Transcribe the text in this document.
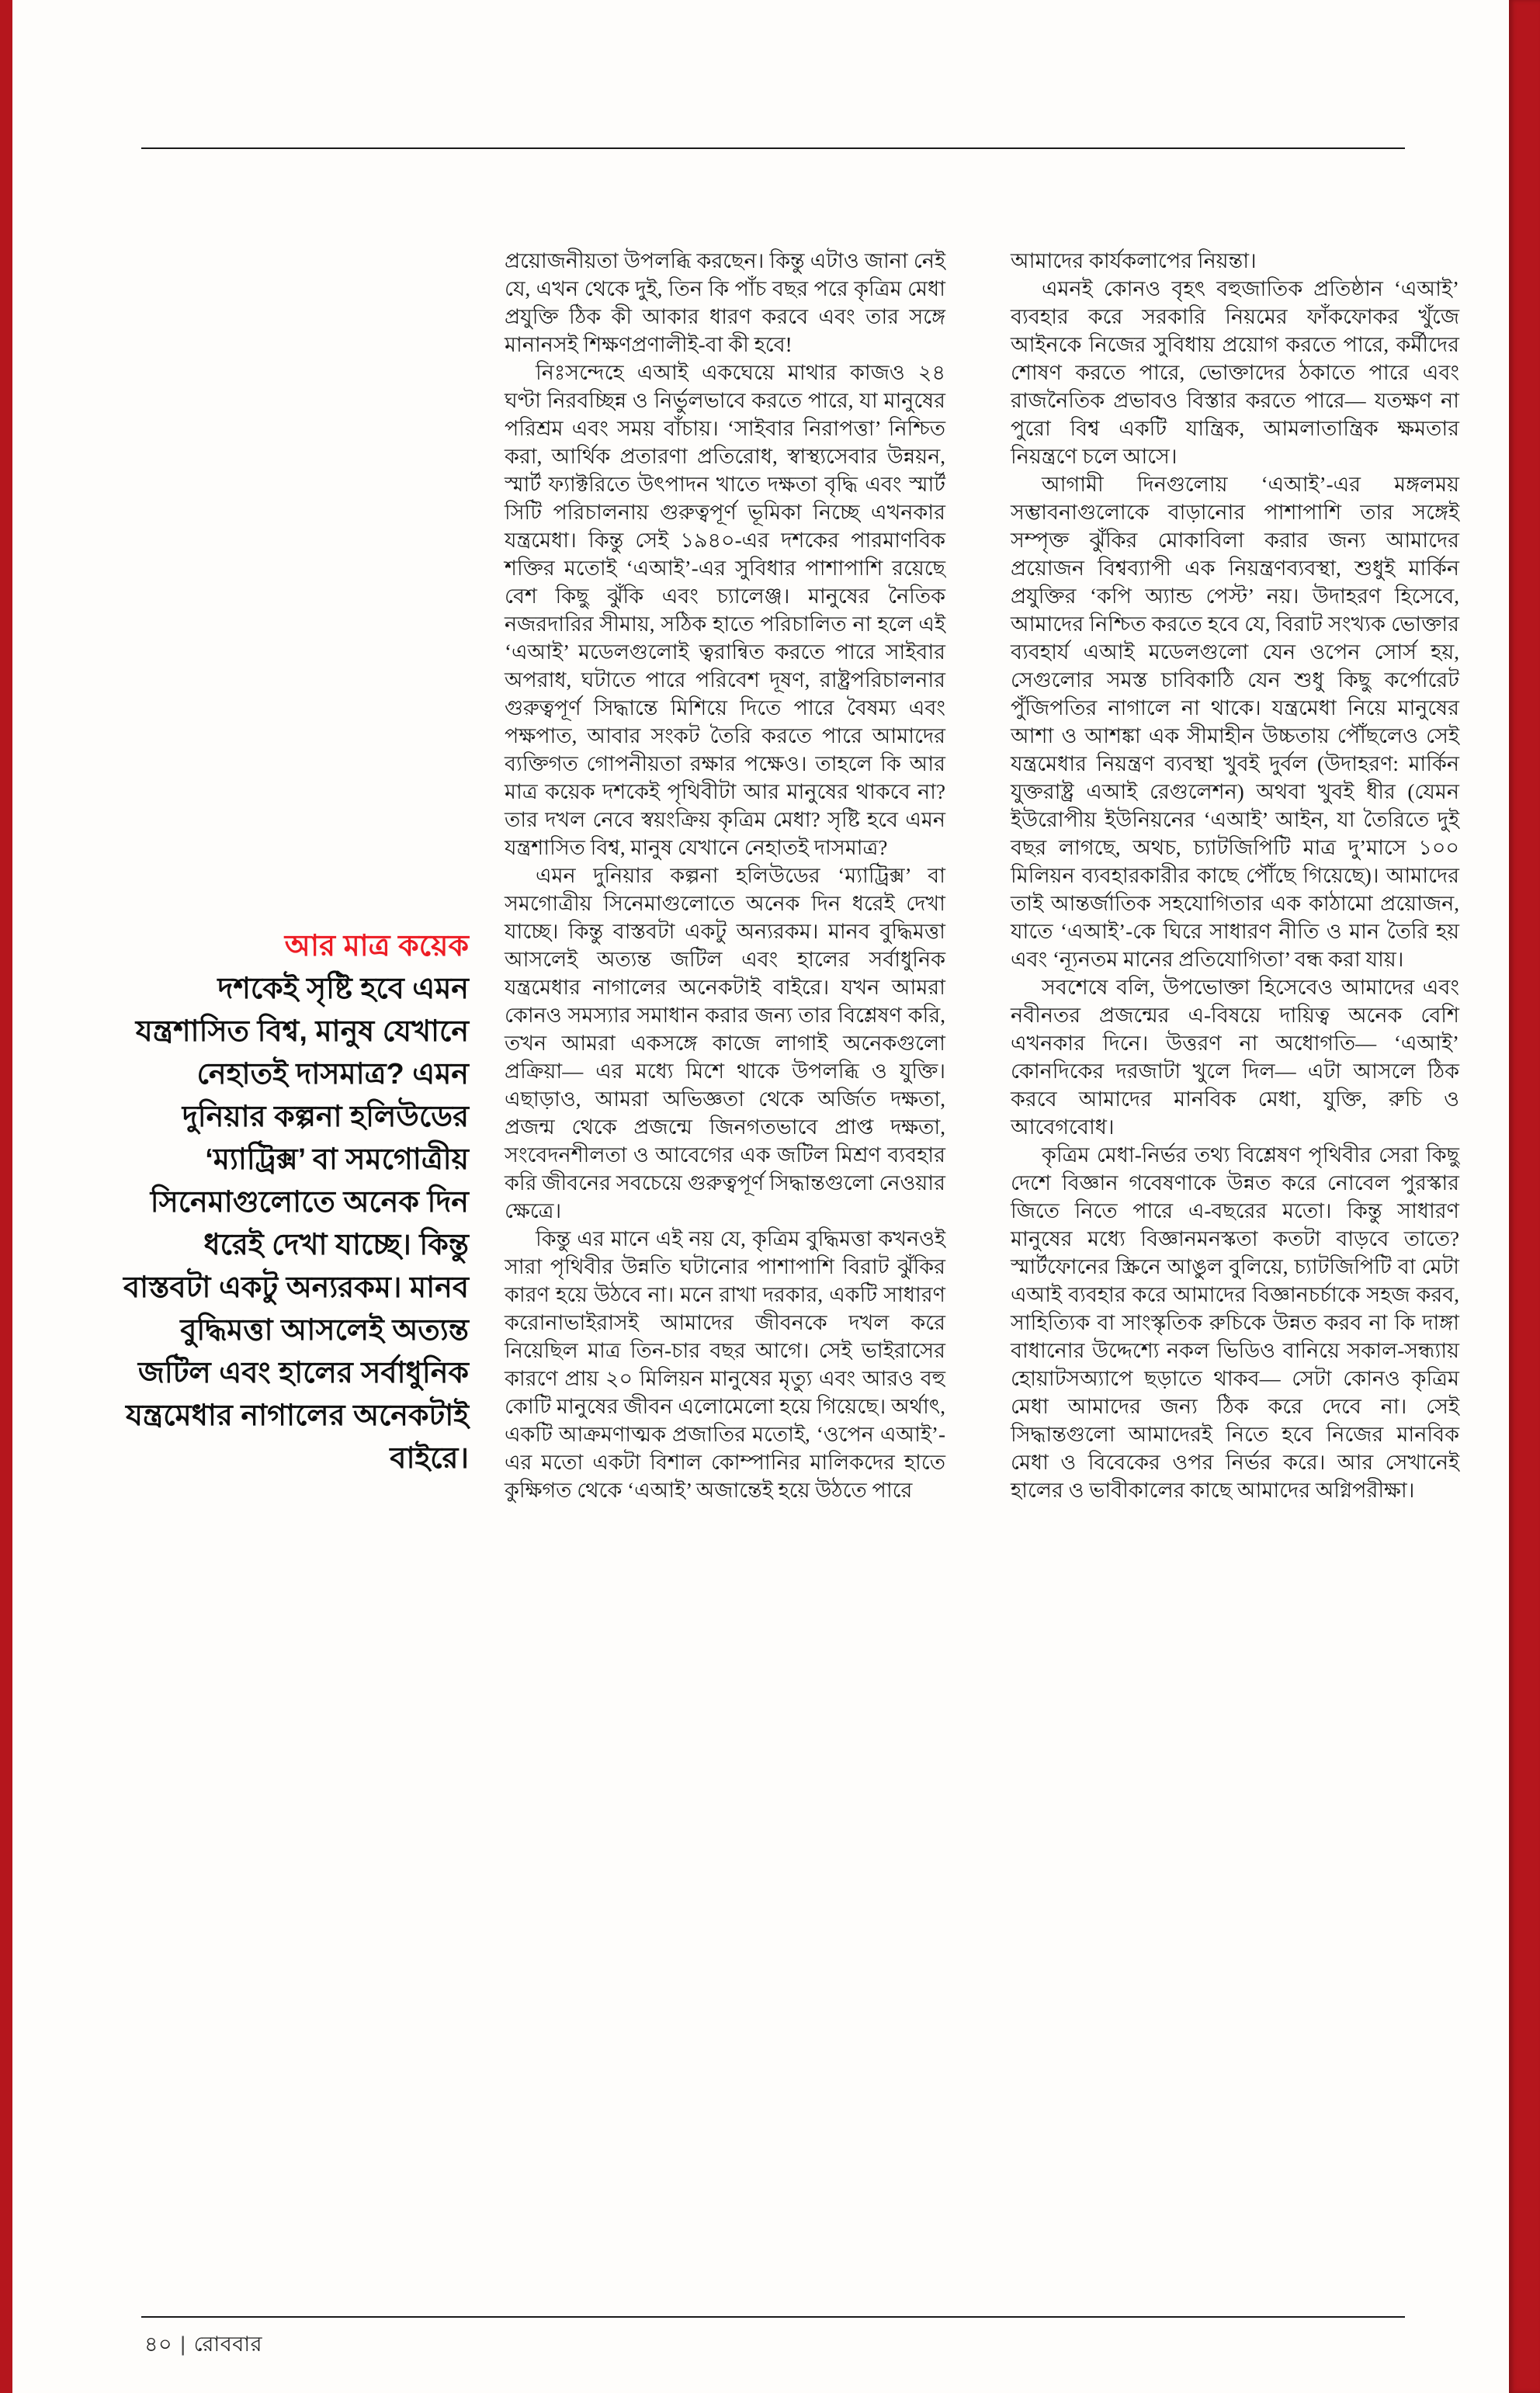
আর মাত্র কয়েক
দশকেই সৃষ্টি হবে এমন যন্ত্রশাসিত বিশ্ব, মানুষ যেখানে নেহাতই দাসমাত্র? এমন দুনিয়ার কল্পনা হলিউডের ‘ম্যাট্রিক্স’ বা সমগোত্রীয় সিনেমাগুলোতে অনেক দিন ধরেই দেখা যাচ্ছে। কিন্তু বাস্তবটা একটু অন্যরকম। মানব বুদ্ধিমত্তা আসলেই অত্যন্ত জটিল এবং হালের সর্বাধুনিক যন্ত্রমেধার নাগালের অনেকটাই বাইরে।

প্রয়োজনীয়তা উপলব্ধি করছেন। কিন্তু এটাও জানা নেই যে, এখন থেকে দুই, তিন কি পাঁচ বছর পরে কৃত্রিম মেধা প্রযুক্তি ঠিক কী আকার ধারণ করবে এবং তার সঙ্গে মানানসই শিক্ষণপ্রণালীই-বা কী হবে!

নিঃসন্দেহে এআই একঘেয়ে মাথার কাজও ২৪ ঘণ্টা নিরবচ্ছিন্ন ও নির্ভুলভাবে করতে পারে, যা মানুষের পরিশ্রম এবং সময় বাঁচায়। ‘সাইবার নিরাপত্তা’ নিশ্চিত করা, আর্থিক প্রতারণা প্রতিরোধ, স্বাস্থ্যসেবার উন্নয়ন, স্মার্ট ফ্যাক্টরিতে উৎপাদন খাতে দক্ষতা বৃদ্ধি এবং স্মার্ট সিটি পরিচালনায় গুরুত্বপূর্ণ ভূমিকা নিচ্ছে এখনকার যন্ত্রমেধা। কিন্তু সেই ১৯৪০-এর দশকের পারমাণবিক শক্তির মতোই ‘এআই’-এর সুবিধার পাশাপাশি রয়েছে বেশ কিছু ঝুঁকি এবং চ্যালেঞ্জ। মানুষের নৈতিক নজরদারির সীমায়, সঠিক হাতে পরিচালিত না হলে এই ‘এআই’ মডেলগুলোই ত্বরান্বিত করতে পারে সাইবার অপরাধ, ঘটাতে পারে পরিবেশ দূষণ, রাষ্ট্রপরিচালনার গুরুত্বপূর্ণ সিদ্ধান্তে মিশিয়ে দিতে পারে বৈষম্য এবং পক্ষপাত, আবার সংকট তৈরি করতে পারে আমাদের ব্যক্তিগত গোপনীয়তা রক্ষার পক্ষেও। তাহলে কি আর মাত্র কয়েক দশকেই পৃথিবীটা আর মানুষের থাকবে না? তার দখল নেবে স্বয়ংক্রিয় কৃত্রিম মেধা? সৃষ্টি হবে এমন যন্ত্রশাসিত বিশ্ব, মানুষ যেখানে নেহাতই দাসমাত্র?

এমন দুনিয়ার কল্পনা হলিউডের ‘ম্যাট্রিক্স’ বা সমগোত্রীয় সিনেমাগুলোতে অনেক দিন ধরেই দেখা যাচ্ছে। কিন্তু বাস্তবটা একটু অন্যরকম। মানব বুদ্ধিমত্তা আসলেই অত্যন্ত জটিল এবং হালের সর্বাধুনিক যন্ত্রমেধার নাগালের অনেকটাই বাইরে। যখন আমরা কোনও সমস্যার সমাধান করার জন্য তার বিশ্লেষণ করি, তখন আমরা একসঙ্গে কাজে লাগাই অনেকগুলো প্রক্রিয়া— এর মধ্যে মিশে থাকে উপলব্ধি ও যুক্তি। এছাড়াও, আমরা অভিজ্ঞতা থেকে অর্জিত দক্ষতা, প্রজন্ম থেকে প্রজন্মে জিনগতভাবে প্রাপ্ত দক্ষতা, সংবেদনশীলতা ও আবেগের এক জটিল মিশ্রণ ব্যবহার করি জীবনের সবচেয়ে গুরুত্বপূর্ণ সিদ্ধান্তগুলো নেওয়ার ক্ষেত্রে।

কিন্তু এর মানে এই নয় যে, কৃত্রিম বুদ্ধিমত্তা কখনওই সারা পৃথিবীর উন্নতি ঘটানোর পাশাপাশি বিরাট ঝুঁকির কারণ হয়ে উঠবে না। মনে রাখা দরকার, একটি সাধারণ করোনাভাইরাসই আমাদের জীবনকে দখল করে নিয়েছিল মাত্র তিন-চার বছর আগে। সেই ভাইরাসের কারণে প্রায় ২০ মিলিয়ন মানুষের মৃত্যু এবং আরও বহু কোটি মানুষের জীবন এলোমেলো হয়ে গিয়েছে। অর্থাৎ, একটি আক্রমণাত্মক প্রজাতির মতোই, ‘ওপেন এআই’-এর মতো একটা বিশাল কোম্পানির মালিকদের হাতে কুক্ষিগত থেকে ‘এআই’ অজান্তেই হয়ে উঠতে পারে

আমাদের কার্যকলাপের নিয়ন্তা।

এমনই কোনও বৃহৎ বহুজাতিক প্রতিষ্ঠান ‘এআই’ ব্যবহার করে সরকারি নিয়মের ফাঁকফোকর খুঁজে আইনকে নিজের সুবিধায় প্রয়োগ করতে পারে, কর্মীদের শোষণ করতে পারে, ভোক্তাদের ঠকাতে পারে এবং রাজনৈতিক প্রভাবও বিস্তার করতে পারে— যতক্ষণ না পুরো বিশ্ব একটি যান্ত্রিক, আমলাতান্ত্রিক ক্ষমতার নিয়ন্ত্রণে চলে আসে।

আগামী দিনগুলোয় ‘এআই’-এর মঙ্গলময় সম্ভাবনাগুলোকে বাড়ানোর পাশাপাশি তার সঙ্গেই সম্পৃক্ত ঝুঁকির মোকাবিলা করার জন্য আমাদের প্রয়োজন বিশ্বব্যাপী এক নিয়ন্ত্রণব্যবস্থা, শুধুই মার্কিন প্রযুক্তির ‘কপি অ্যান্ড পেস্ট’ নয়। উদাহরণ হিসেবে, আমাদের নিশ্চিত করতে হবে যে, বিরাট সংখ্যক ভোক্তার ব্যবহার্য এআই মডেলগুলো যেন ওপেন সোর্স হয়, সেগুলোর সমস্ত চাবিকাঠি যেন শুধু কিছু কর্পোরেট পুঁজিপতির নাগালে না থাকে। যন্ত্রমেধা নিয়ে মানুষের আশা ও আশঙ্কা এক সীমাহীন উচ্চতায় পৌঁছলেও সেই যন্ত্রমেধার নিয়ন্ত্রণ ব্যবস্থা খুবই দুর্বল (উদাহরণ: মার্কিন যুক্তরাষ্ট্র এআই রেগুলেশন) অথবা খুবই ধীর (যেমন ইউরোপীয় ইউনিয়নের ‘এআই’ আইন, যা তৈরিতে দুই বছর লাগছে, অথচ, চ্যাটজিপিটি মাত্র দু’মাসে ১০০ মিলিয়ন ব্যবহারকারীর কাছে পৌঁছে গিয়েছে)। আমাদের তাই আন্তর্জাতিক সহযোগিতার এক কাঠামো প্রয়োজন, যাতে ‘এআই’-কে ঘিরে সাধারণ নীতি ও মান তৈরি হয় এবং ‘ন্যূনতম মানের প্রতিযোগিতা’ বন্ধ করা যায়।

সবশেষে বলি, উপভোক্তা হিসেবেও আমাদের এবং নবীনতর প্রজন্মের এ-বিষয়ে দায়িত্ব অনেক বেশি এখনকার দিনে। উত্তরণ না অধোগতি— ‘এআই’ কোনদিকের দরজাটা খুলে দিল— এটা আসলে ঠিক করবে আমাদের মানবিক মেধা, যুক্তি, রুচি ও আবেগবোধ।

কৃত্রিম মেধা-নির্ভর তথ্য বিশ্লেষণ পৃথিবীর সেরা কিছু দেশে বিজ্ঞান গবেষণাকে উন্নত করে নোবেল পুরস্কার জিতে নিতে পারে এ-বছরের মতো। কিন্তু সাধারণ মানুষের মধ্যে বিজ্ঞানমনস্কতা কতটা বাড়বে তাতে? স্মার্টফোনের স্ক্রিনে আঙুল বুলিয়ে, চ্যাটজিপিটি বা মেটা এআই ব্যবহার করে আমাদের বিজ্ঞানচর্চাকে সহজ করব, সাহিত্যিক বা সাংস্কৃতিক রুচিকে উন্নত করব না কি দাঙ্গা বাধানোর উদ্দেশ্যে নকল ভিডিও বানিয়ে সকাল-সন্ধ্যায় হোয়াটসঅ্যাপে ছড়াতে থাকব— সেটা কোনও কৃত্রিম মেধা আমাদের জন্য ঠিক করে দেবে না। সেই সিদ্ধান্তগুলো আমাদেরই নিতে হবে নিজের মানবিক মেধা ও বিবেকের ওপর নির্ভর করে। আর সেখানেই হালের ও ভাবীকালের কাছে আমাদের অগ্নিপরীক্ষা।

৪০ | রোববার
